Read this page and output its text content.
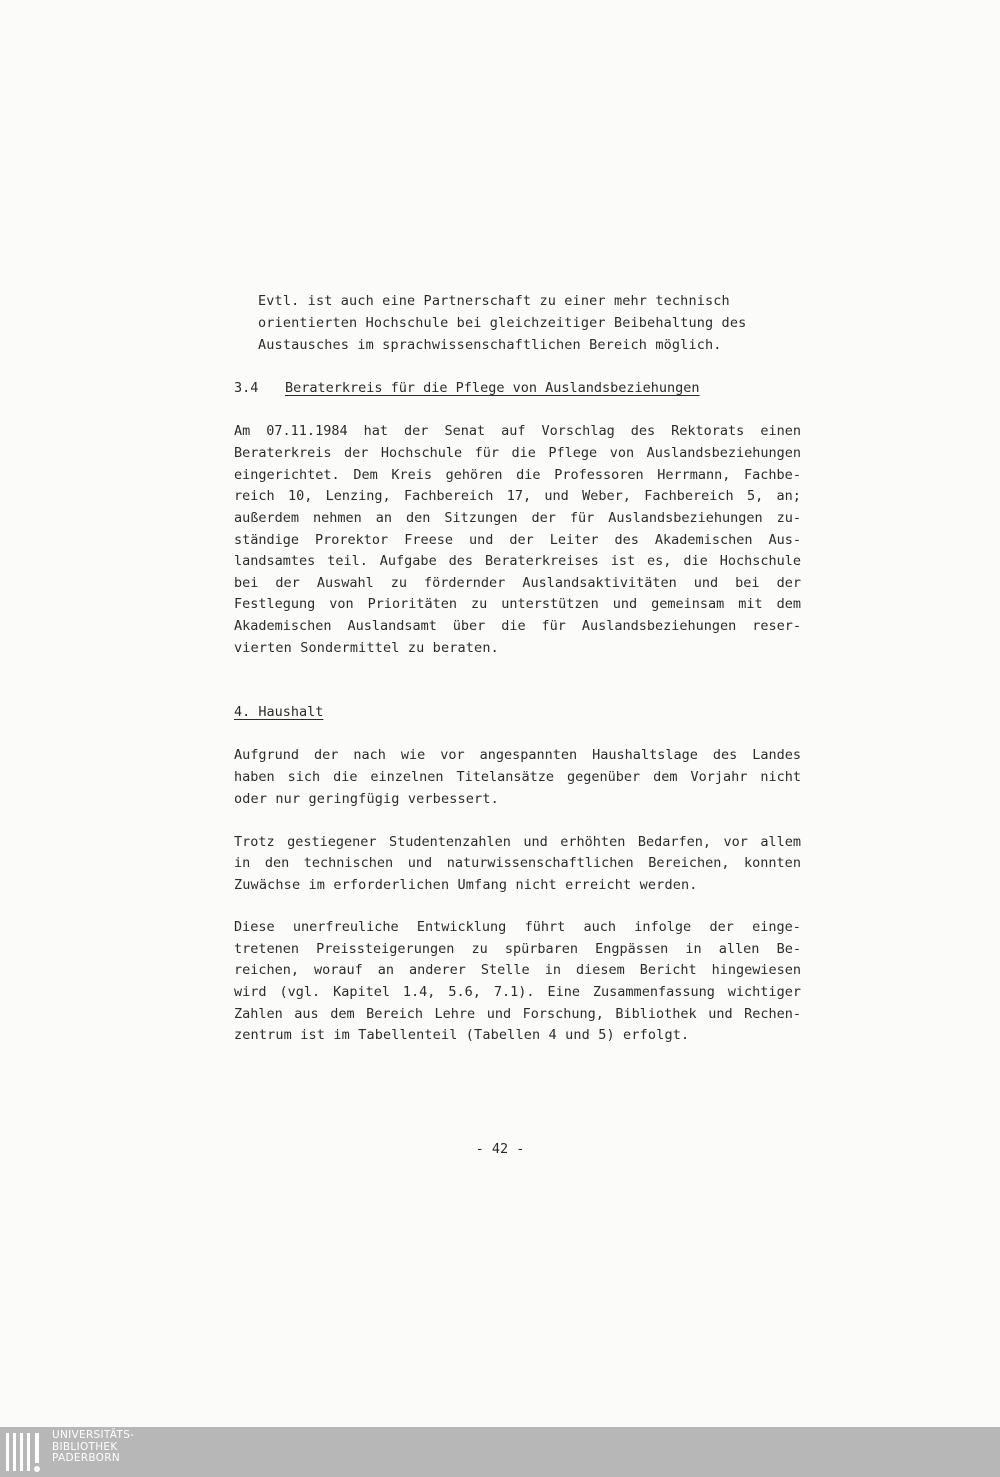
Evtl. ist auch eine Partnerschaft zu einer mehr technisch
orientierten Hochschule bei gleichzeitiger Beibehaltung des
Austausches im sprachwissenschaftlichen Bereich möglich.
3.4 Beraterkreis für die Pflege von Auslandsbeziehungen
Am 07.11.1984 hat der Senat auf Vorschlag des Rektorats einen
Beraterkreis der Hochschule für die Pflege von Auslandsbeziehungen
eingerichtet. Dem Kreis gehören die Professoren Herrmann, Fachbe-
reich 10, Lenzing, Fachbereich 17, und Weber, Fachbereich 5, an;
außerdem nehmen an den Sitzungen der für Auslandsbeziehungen zu-
ständige Prorektor Freese und der Leiter des Akademischen Aus-
landsamtes teil. Aufgabe des Beraterkreises ist es, die Hochschule
bei der Auswahl zu fördernder Auslandsaktivitäten und bei der
Festlegung von Prioritäten zu unterstützen und gemeinsam mit dem
Akademischen Auslandsamt über die für Auslandsbeziehungen reser-
vierten Sondermittel zu beraten.
4. Haushalt
Aufgrund der nach wie vor angespannten Haushaltslage des Landes
haben sich die einzelnen Titelansätze gegenüber dem Vorjahr nicht
oder nur geringfügig verbessert.
Trotz gestiegener Studentenzahlen und erhöhten Bedarfen, vor allem
in den technischen und naturwissenschaftlichen Bereichen, konnten
Zuwächse im erforderlichen Umfang nicht erreicht werden.
Diese unerfreuliche Entwicklung führt auch infolge der einge-
tretenen Preissteigerungen zu spürbaren Engpässen in allen Be-
reichen, worauf an anderer Stelle in diesem Bericht hingewiesen
wird (vgl. Kapitel 1.4, 5.6, 7.1). Eine Zusammenfassung wichtiger
Zahlen aus dem Bereich Lehre und Forschung, Bibliothek und Rechen-
zentrum ist im Tabellenteil (Tabellen 4 und 5) erfolgt.
- 42 -
UNIVERSITÄTS-
BIBLIOTHEK
PADERBORN
